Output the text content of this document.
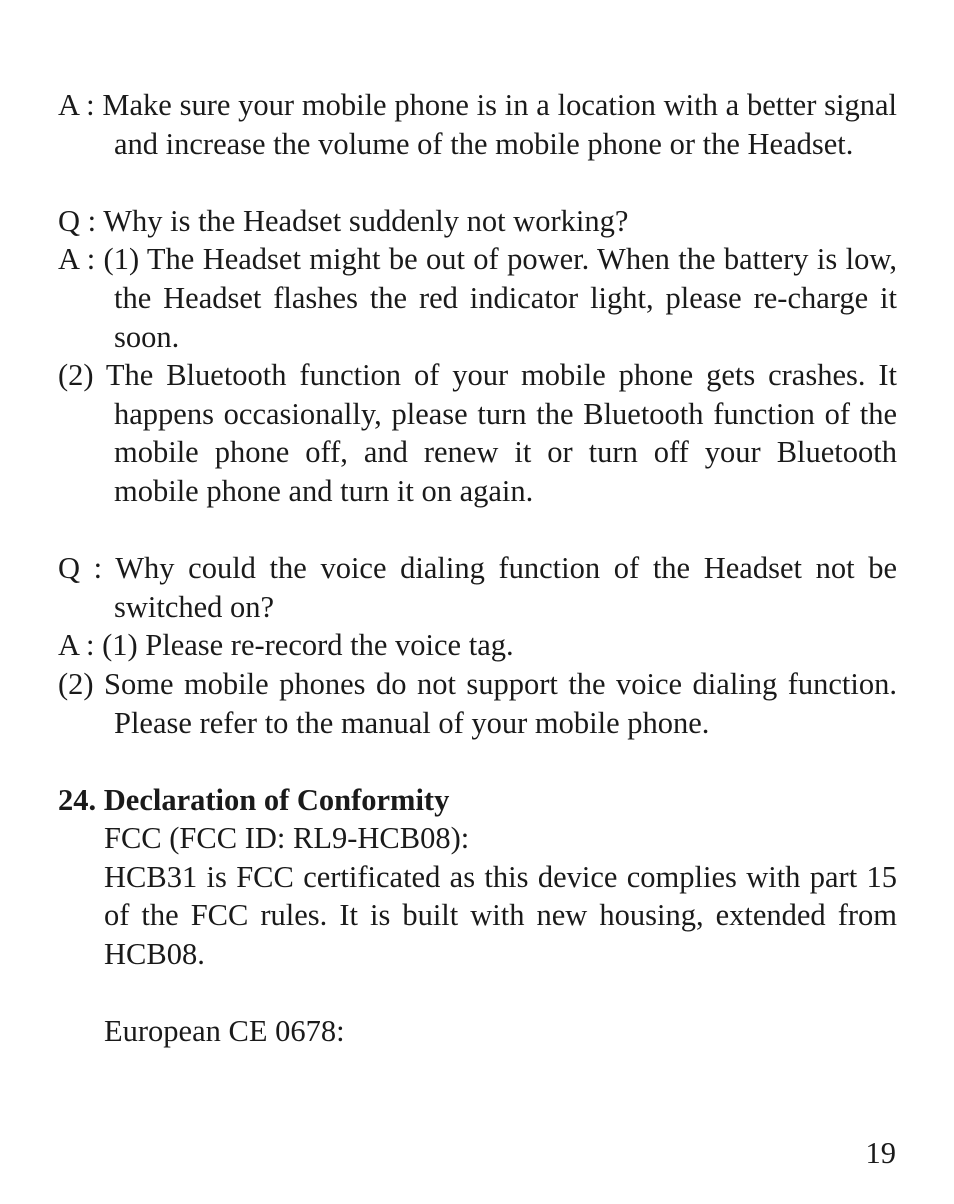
A : Make sure your mobile phone is in a location with a better signal and increase the volume of the mobile phone or the Headset.

Q : Why is the Headset suddenly not working?

A : (1) The Headset might be out of power. When the battery is low, the Headset flashes the red indicator light, please re-charge it soon.

(2) The Bluetooth function of your mobile phone gets crashes. It happens occasionally, please turn the Bluetooth function of the mobile phone off, and renew it or turn off your Bluetooth mobile phone and turn it on again.

Q : Why could the voice dialing function of the Headset not be switched on?

A : (1) Please re-record the voice tag.

(2) Some mobile phones do not support the voice dialing function. Please refer to the manual of your mobile phone.

24. Declaration of Conformity

FCC (FCC ID: RL9-HCB08):

HCB31 is FCC certificated as this device complies with part 15 of the FCC rules. It is built with new housing, extended from HCB08.

European CE 0678:

19
